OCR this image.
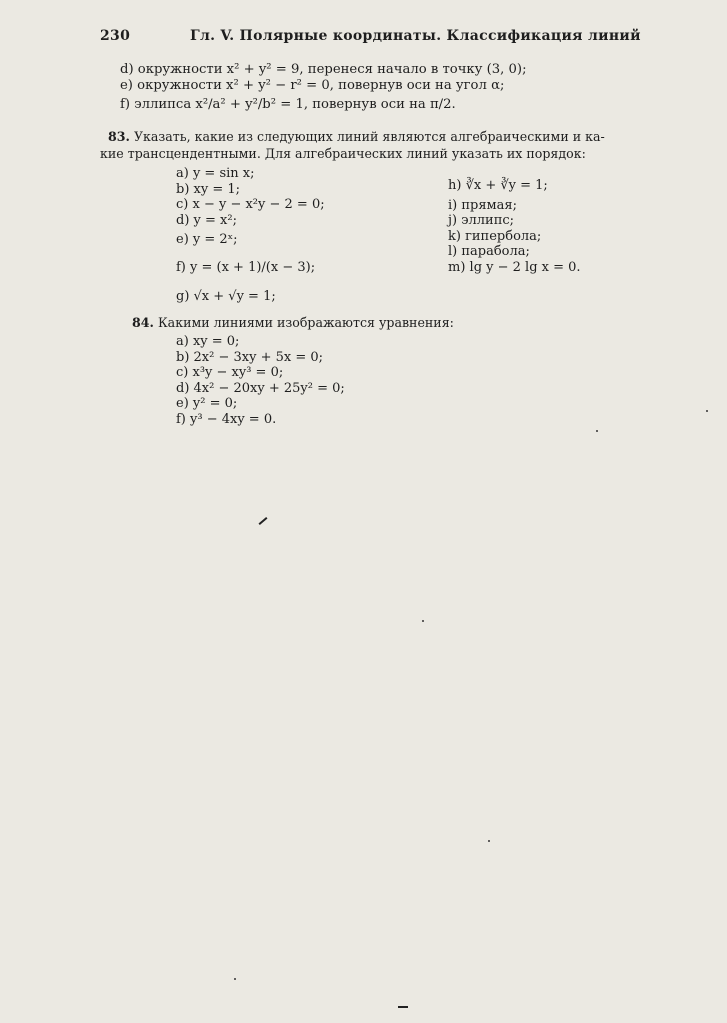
230	Гл. V. Полярные координаты. Классификация линий
d) окружности x² + y² = 9, перенеся начало в точку (3, 0);
e) окружности x² + y² − r² = 0, повернув оси на угол α;
f) эллипса x²/a² + y²/b² = 1, повернув оси на π/2.
83. Указать, какие из следующих линий являются алгебраическими и ка-
кие трансцендентными. Для алгебраических линий указать их порядок:
a) y = sin x;
b) xy = 1;
c) x − y − x²y − 2 = 0;
d) y = x²;
e) y = 2ˣ;
f) y = (x + 1)/(x − 3);
g) √x + √y = 1;
h) ∛x + ∛y = 1;
i) прямая;
j) эллипс;
k) гипербола;
l) парабола;
m) lg y − 2 lg x = 0.
84. Какими линиями изображаются уравнения:
a) xy = 0;
b) 2x² − 3xy + 5x = 0;
c) x³y − xy³ = 0;
d) 4x² − 20xy + 25y² = 0;
e) y² = 0;
f) y³ − 4xy = 0.
